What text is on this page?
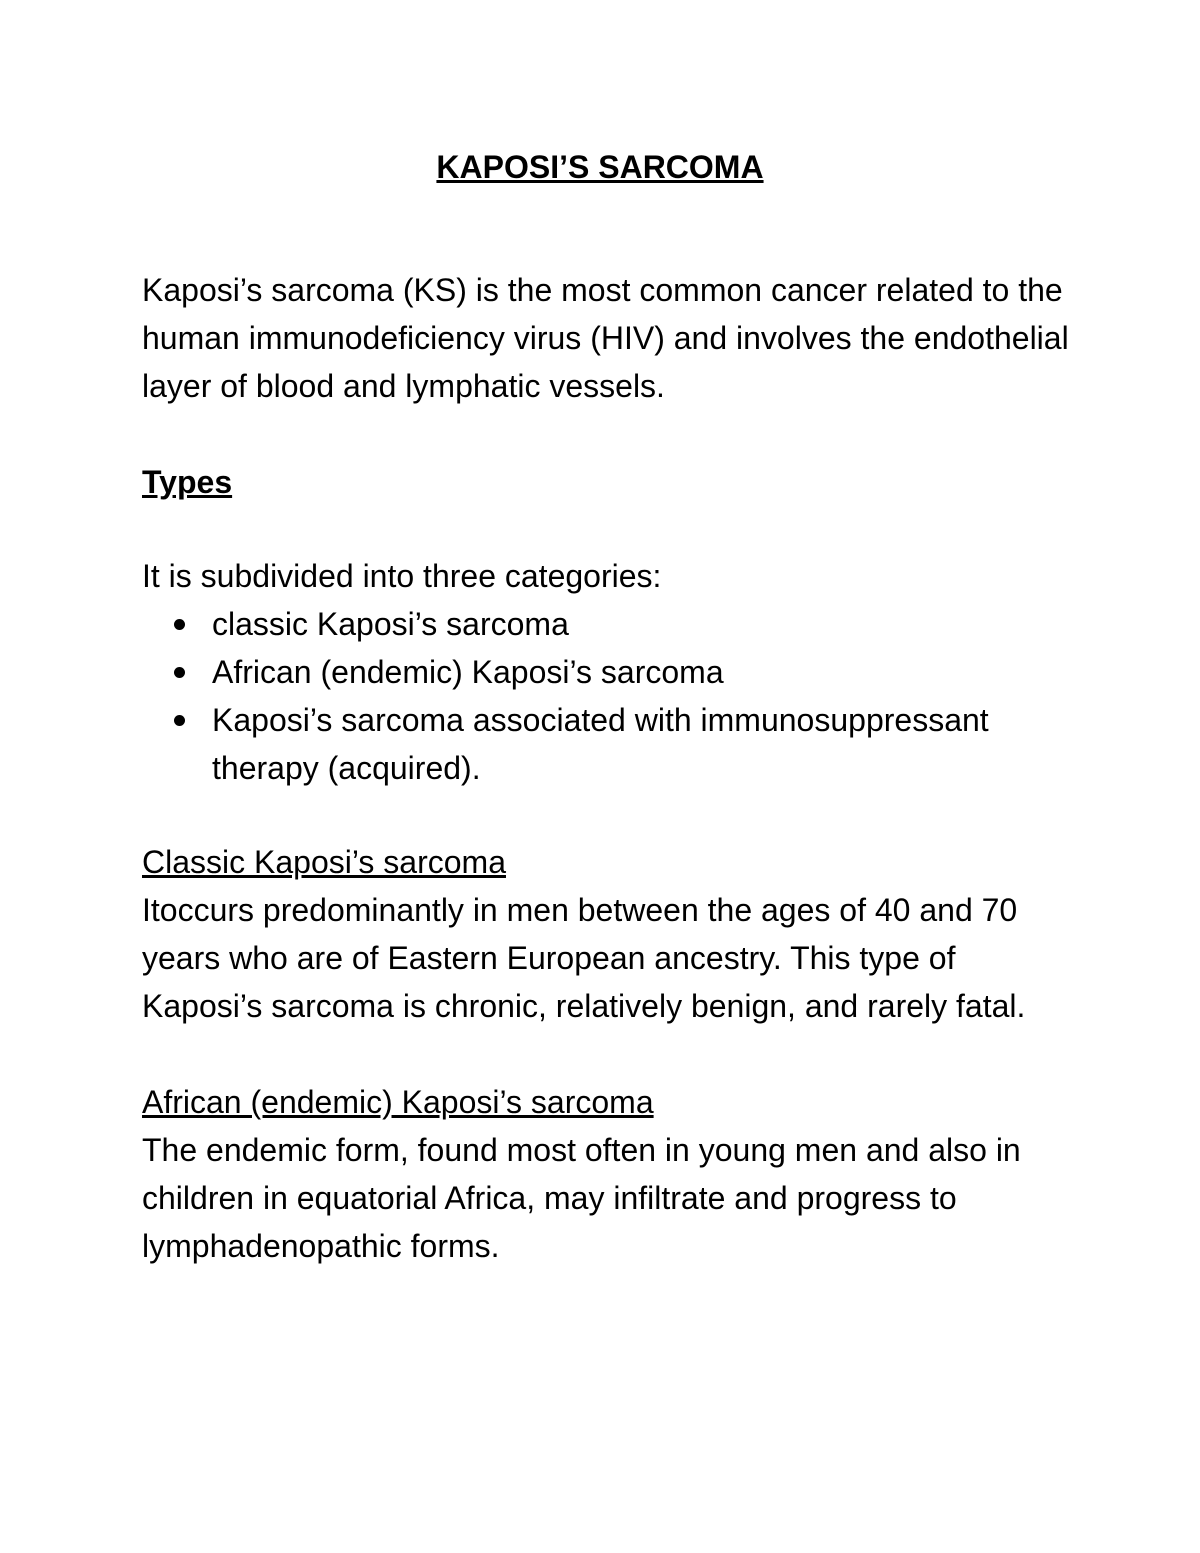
KAPOSI’S SARCOMA

Kaposi’s sarcoma (KS) is the most common cancer related to the human immunodeficiency virus (HIV) and involves the endothelial layer of blood and lymphatic vessels.

Types

It is subdivided into three categories:

classic Kaposi’s sarcoma
African (endemic) Kaposi’s sarcoma
Kaposi’s sarcoma associated with immunosuppressant therapy (acquired).

Classic Kaposi’s sarcoma

Itoccurs predominantly in men between the ages of 40 and 70 years who are of Eastern European ancestry. This type of Kaposi’s sarcoma is chronic, relatively benign, and rarely fatal.

African (endemic) Kaposi’s sarcoma

The endemic form, found most often in young men and also in children in equatorial Africa, may infiltrate and progress to lymphadenopathic forms.
